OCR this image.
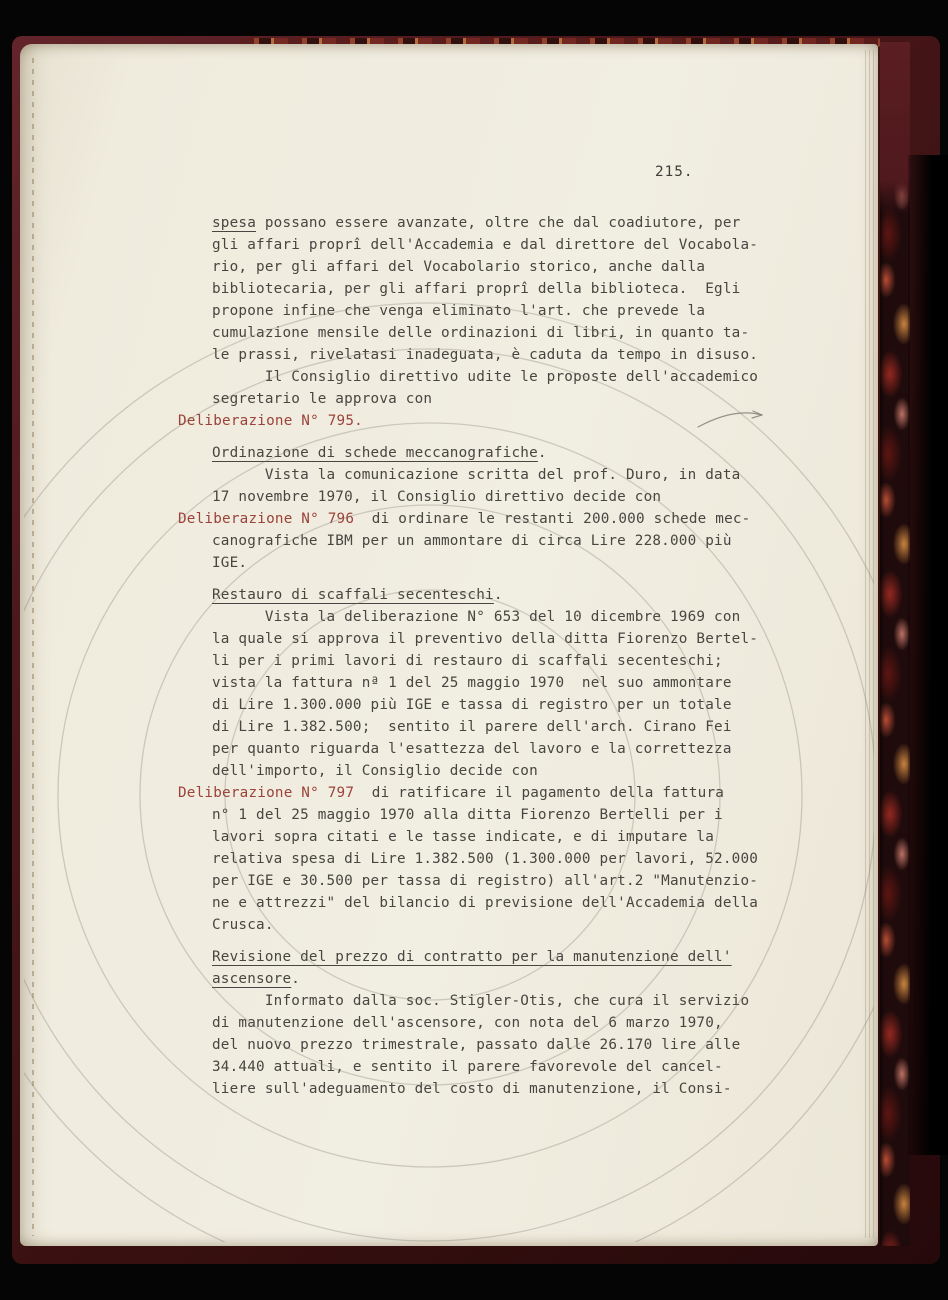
215.
spesa possano essere avanzate, oltre che dal coadiutore, per
gli affari proprî dell'Accademia e dal direttore del Vocabola-
rio, per gli affari del Vocabolario storico, anche dalla
bibliotecaria, per gli affari proprî della biblioteca.  Egli
propone infine che venga eliminato l'art. che prevede la
cumulazione mensile delle ordinazioni di libri, in quanto ta-
le prassi, rivelatasi inadeguata, è caduta da tempo in disuso.
Il Consiglio direttivo udite le proposte dell'accademico
segretario le approva con
Deliberazione N° 795.
Ordinazione di schede meccanografiche.
Vista la comunicazione scritta del prof. Duro, in data
17 novembre 1970, il Consiglio direttivo decide con
Deliberazione N° 796  di ordinare le restanti 200.000 schede mec-
canografiche IBM per un ammontare di circa Lire 228.000 più
IGE.
Restauro di scaffali secenteschi.
Vista la deliberazione N° 653 del 10 dicembre 1969 con
la quale si approva il preventivo della ditta Fiorenzo Bertel-
li per i primi lavori di restauro di scaffali secenteschi;
vista la fattura nª 1 del 25 maggio 1970  nel suo ammontare
di Lire 1.300.000 più IGE e tassa di registro per un totale
di Lire 1.382.500;  sentito il parere dell'arch. Cirano Fei
per quanto riguarda l'esattezza del lavoro e la correttezza
dell'importo, il Consiglio decide con
Deliberazione N° 797  di ratificare il pagamento della fattura
n° 1 del 25 maggio 1970 alla ditta Fiorenzo Bertelli per i
lavori sopra citati e le tasse indicate, e di imputare la
relativa spesa di Lire 1.382.500 (1.300.000 per lavori, 52.000
per IGE e 30.500 per tassa di registro) all'art.2 "Manutenzio-
ne e attrezzi" del bilancio di previsione dell'Accademia della
Crusca.
Revisione del prezzo di contratto per la manutenzione dell'
ascensore.
Informato dalla soc. Stigler-Otis, che cura il servizio
di manutenzione dell'ascensore, con nota del 6 marzo 1970,
del nuovo prezzo trimestrale, passato dalle 26.170 lire alle
34.440 attuali, e sentito il parere favorevole del cancel-
liere sull'adeguamento del costo di manutenzione, il Consi-
